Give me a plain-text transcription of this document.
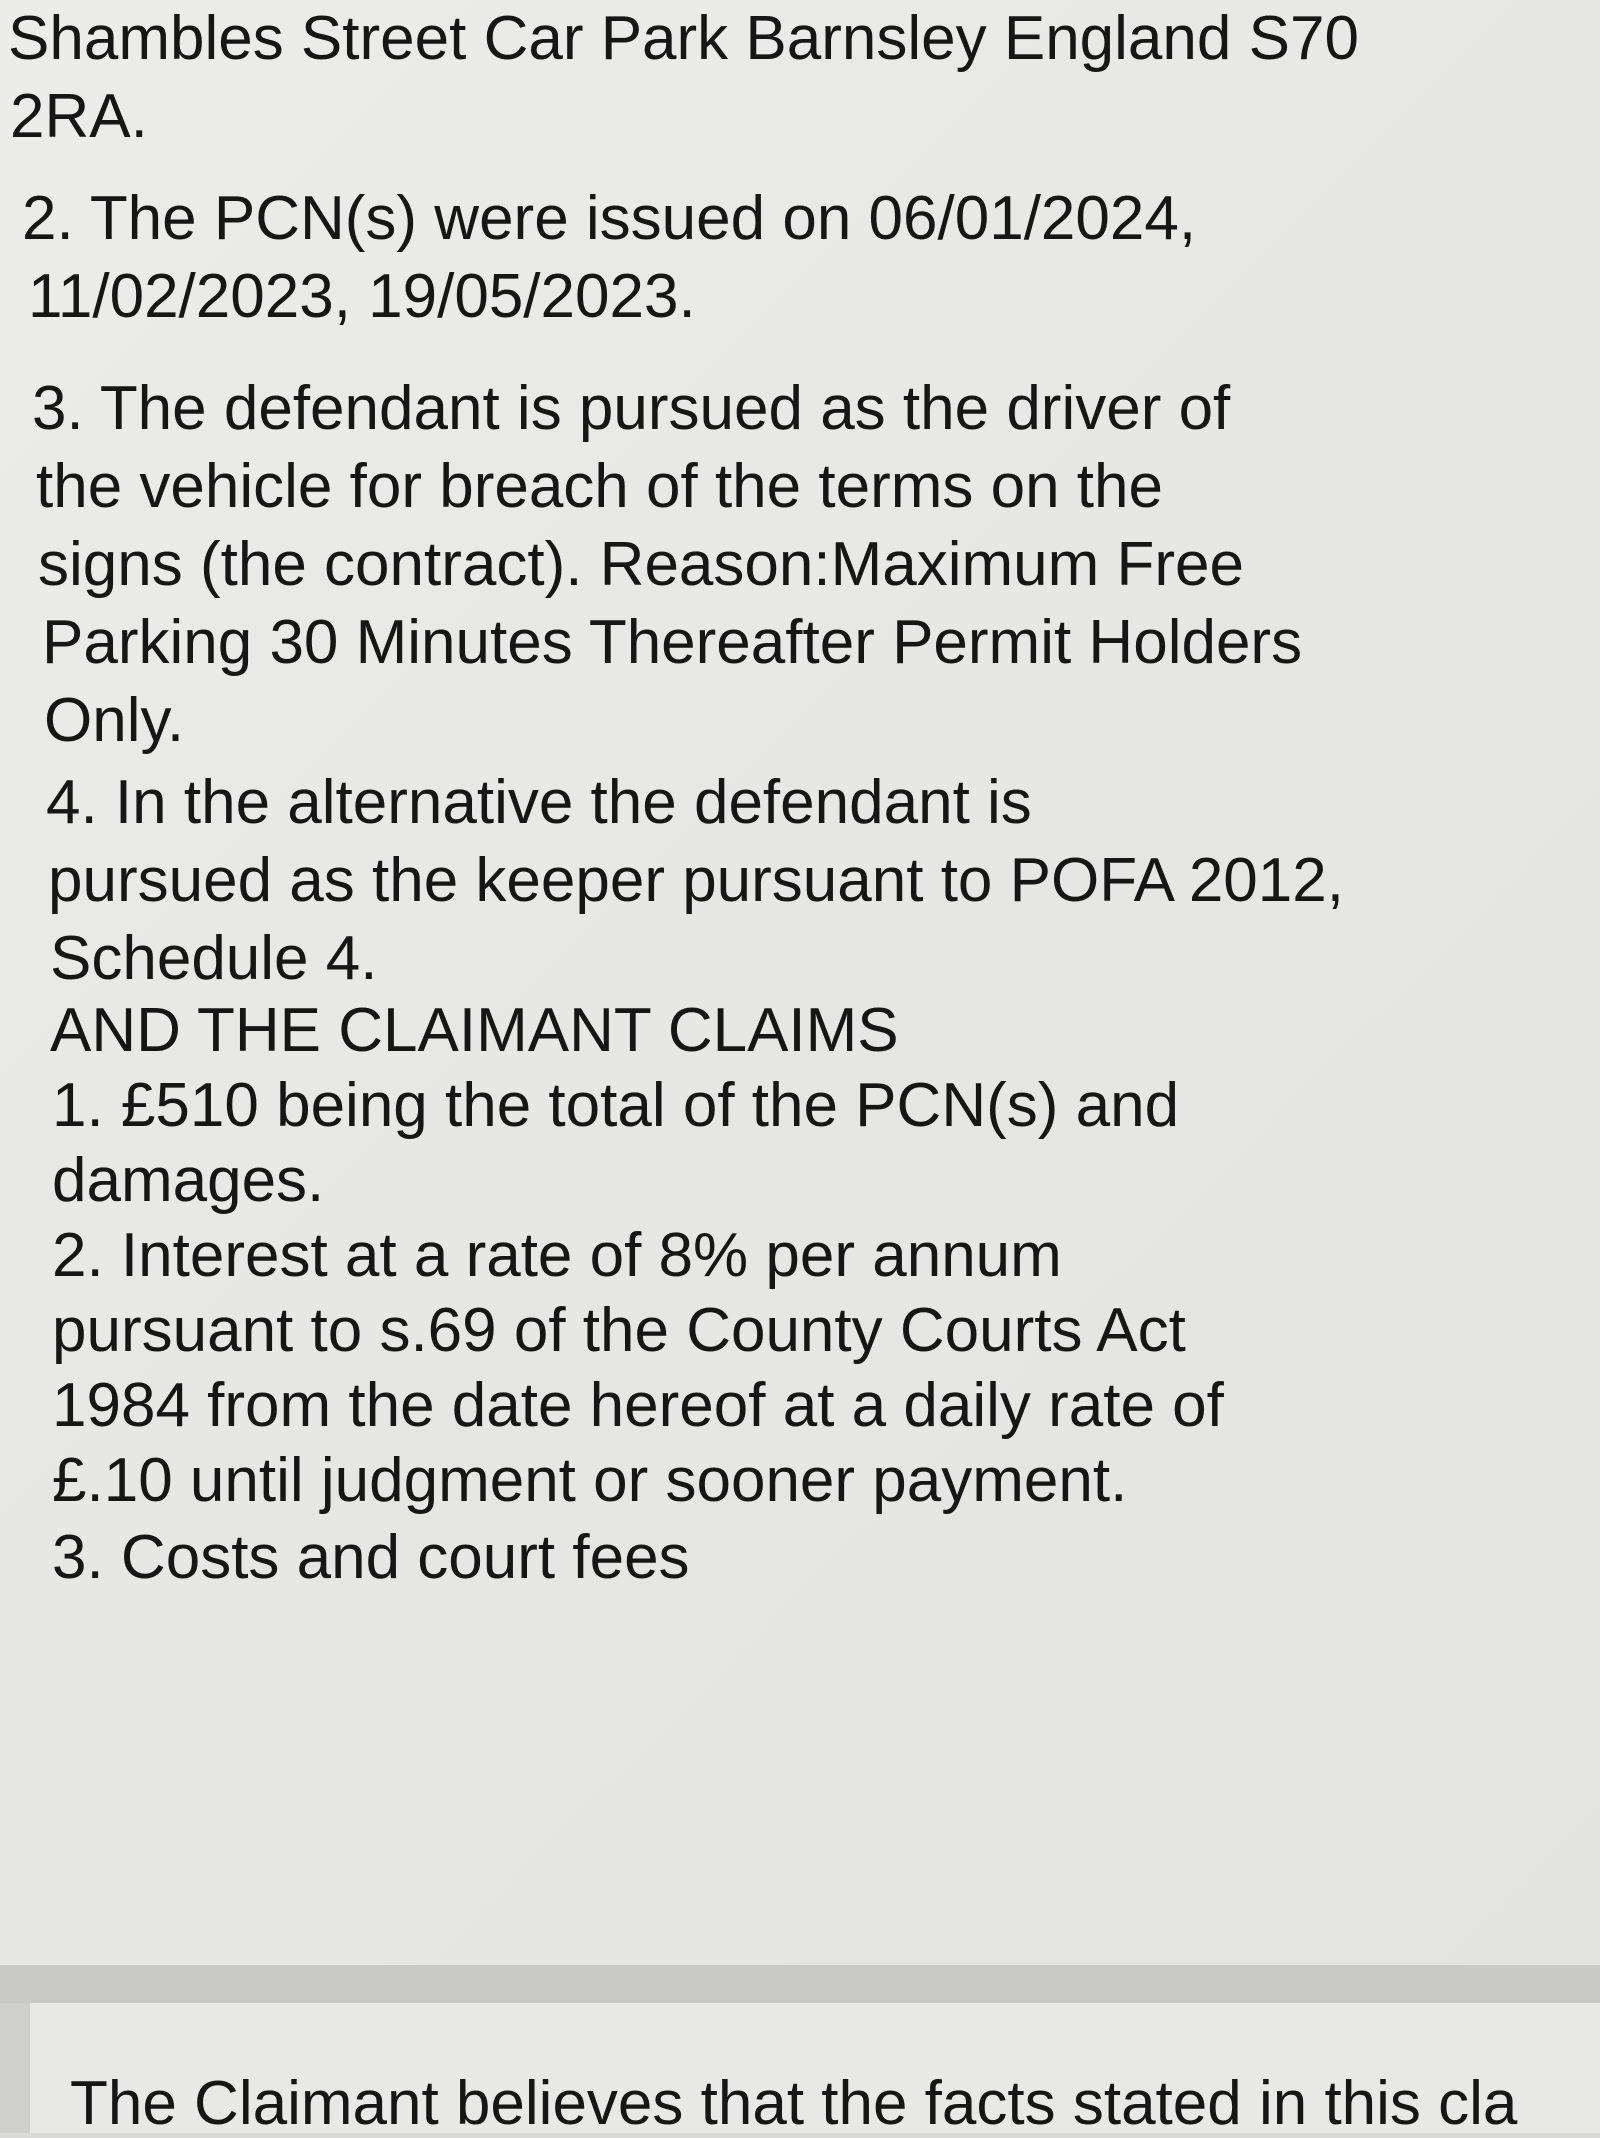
Shambles Street Car Park Barnsley England S70
2RA.
2. The PCN(s) were issued on 06/01/2024,
11/02/2023, 19/05/2023.
3. The defendant is pursued as the driver of
the vehicle for breach of the terms on the
signs (the contract). Reason:Maximum Free
Parking 30 Minutes Thereafter Permit Holders
Only.
4. In the alternative the defendant is
pursued as the keeper pursuant to POFA 2012,
Schedule 4.
AND THE CLAIMANT CLAIMS
1. £510 being the total of the PCN(s) and
damages.
2. Interest at a rate of 8% per annum
pursuant to s.69 of the County Courts Act
1984 from the date hereof at a daily rate of
£.10 until judgment or sooner payment.
3. Costs and court fees
The Claimant believes that the facts stated in this cla
